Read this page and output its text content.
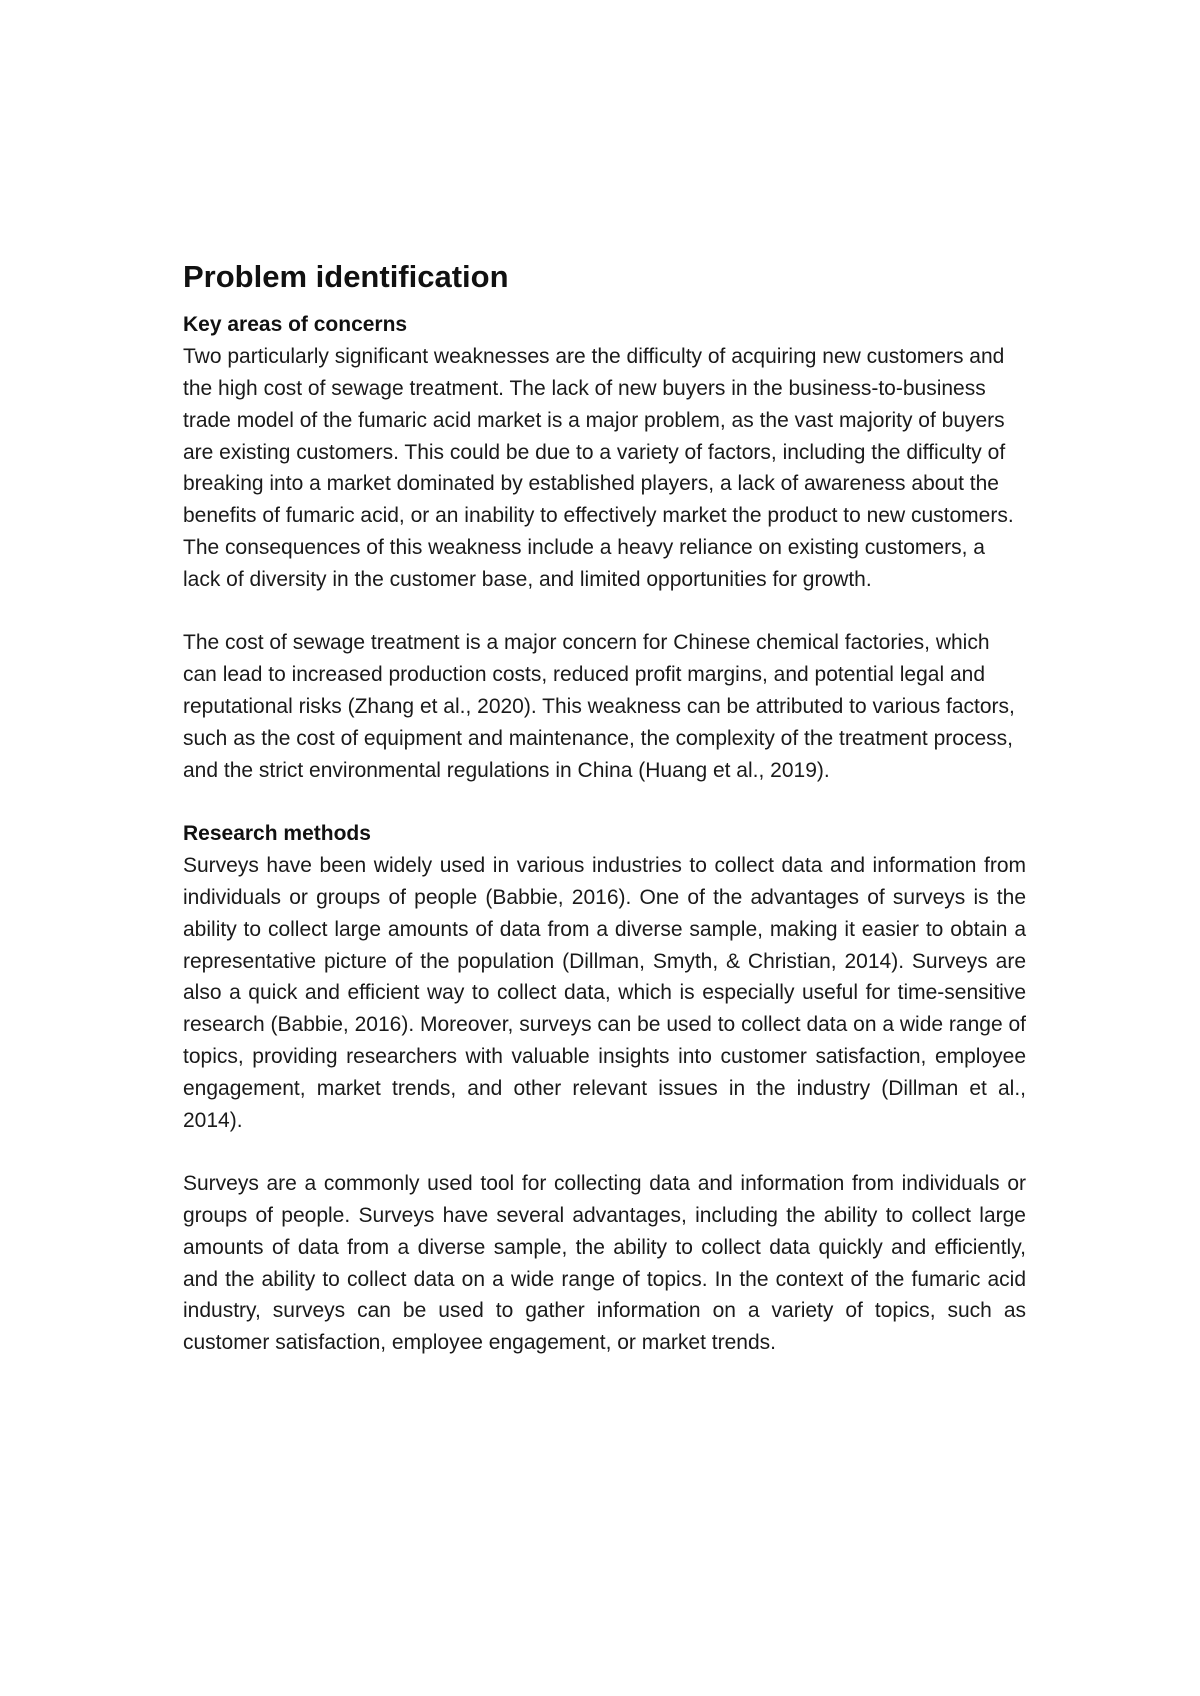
Problem identification
Key areas of concerns

Two particularly significant weaknesses are the difficulty of acquiring new customers and the high cost of sewage treatment. The lack of new buyers in the business-to-business trade model of the fumaric acid market is a major problem, as the vast majority of buyers are existing customers. This could be due to a variety of factors, including the difficulty of breaking into a market dominated by established players, a lack of awareness about the benefits of fumaric acid, or an inability to effectively market the product to new customers. The consequences of this weakness include a heavy reliance on existing customers, a lack of diversity in the customer base, and limited opportunities for growth.

The cost of sewage treatment is a major concern for Chinese chemical factories, which can lead to increased production costs, reduced profit margins, and potential legal and reputational risks (Zhang et al., 2020). This weakness can be attributed to various factors, such as the cost of equipment and maintenance, the complexity of the treatment process, and the strict environmental regulations in China (Huang et al., 2019).

Research methods

Surveys have been widely used in various industries to collect data and information from individuals or groups of people (Babbie, 2016). One of the advantages of surveys is the ability to collect large amounts of data from a diverse sample, making it easier to obtain a representative picture of the population (Dillman, Smyth, & Christian, 2014). Surveys are also a quick and efficient way to collect data, which is especially useful for time-sensitive research (Babbie, 2016). Moreover, surveys can be used to collect data on a wide range of topics, providing researchers with valuable insights into customer satisfaction, employee engagement, market trends, and other relevant issues in the industry (Dillman et al., 2014).

Surveys are a commonly used tool for collecting data and information from individuals or groups of people. Surveys have several advantages, including the ability to collect large amounts of data from a diverse sample, the ability to collect data quickly and efficiently, and the ability to collect data on a wide range of topics. In the context of the fumaric acid industry, surveys can be used to gather information on a variety of topics, such as customer satisfaction, employee engagement, or market trends.
